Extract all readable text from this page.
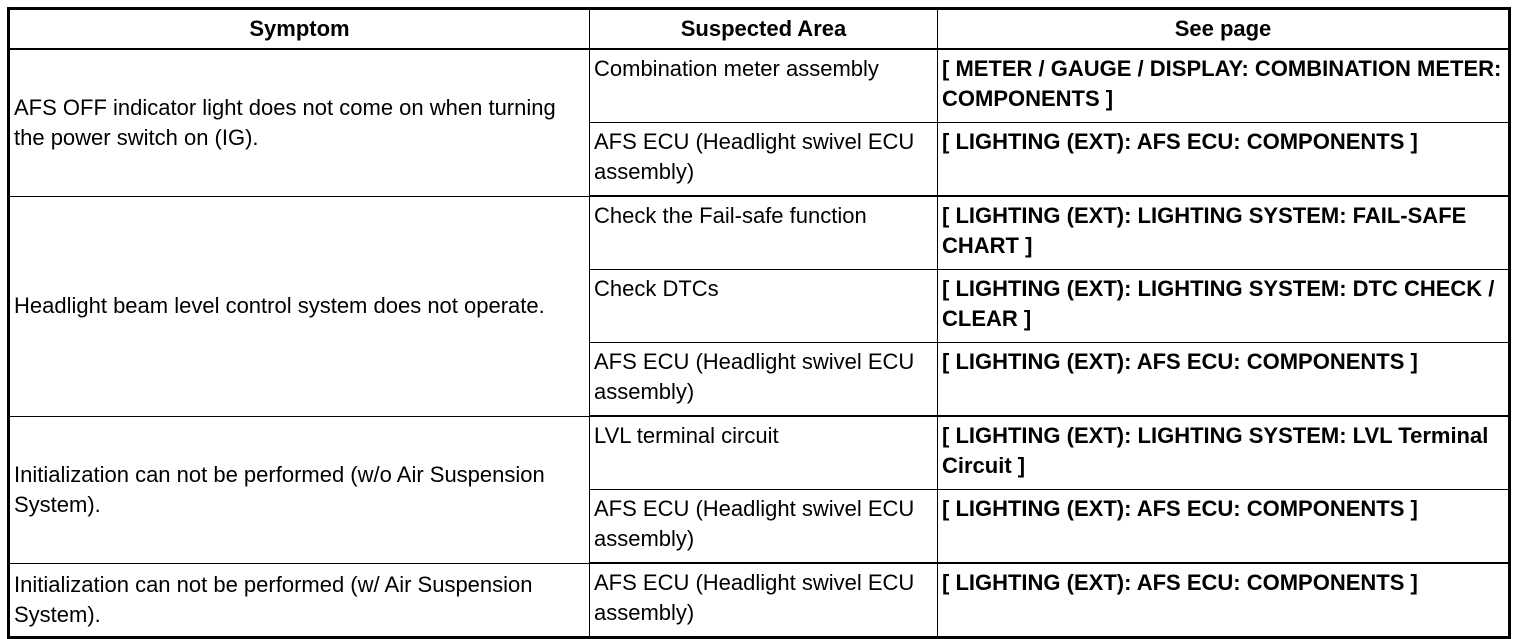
Symptom	Suspected Area	See page
AFS OFF indicator light does not come on when turning the power switch on (IG).	Combination meter assembly	[ METER / GAUGE / DISPLAY: COMBINATION METER: COMPONENTS ]
	AFS ECU (Headlight swivel ECU assembly)	[ LIGHTING (EXT): AFS ECU: COMPONENTS ]
Headlight beam level control system does not operate.	Check the Fail-safe function	[ LIGHTING (EXT): LIGHTING SYSTEM: FAIL-SAFE CHART ]
	Check DTCs	[ LIGHTING (EXT): LIGHTING SYSTEM: DTC CHECK / CLEAR ]
	AFS ECU (Headlight swivel ECU assembly)	[ LIGHTING (EXT): AFS ECU: COMPONENTS ]
Initialization can not be performed (w/o Air Suspension System).	LVL terminal circuit	[ LIGHTING (EXT): LIGHTING SYSTEM: LVL Terminal Circuit ]
	AFS ECU (Headlight swivel ECU assembly)	[ LIGHTING (EXT): AFS ECU: COMPONENTS ]
Initialization can not be performed (w/ Air Suspension System).	AFS ECU (Headlight swivel ECU assembly)	[ LIGHTING (EXT): AFS ECU: COMPONENTS ]
